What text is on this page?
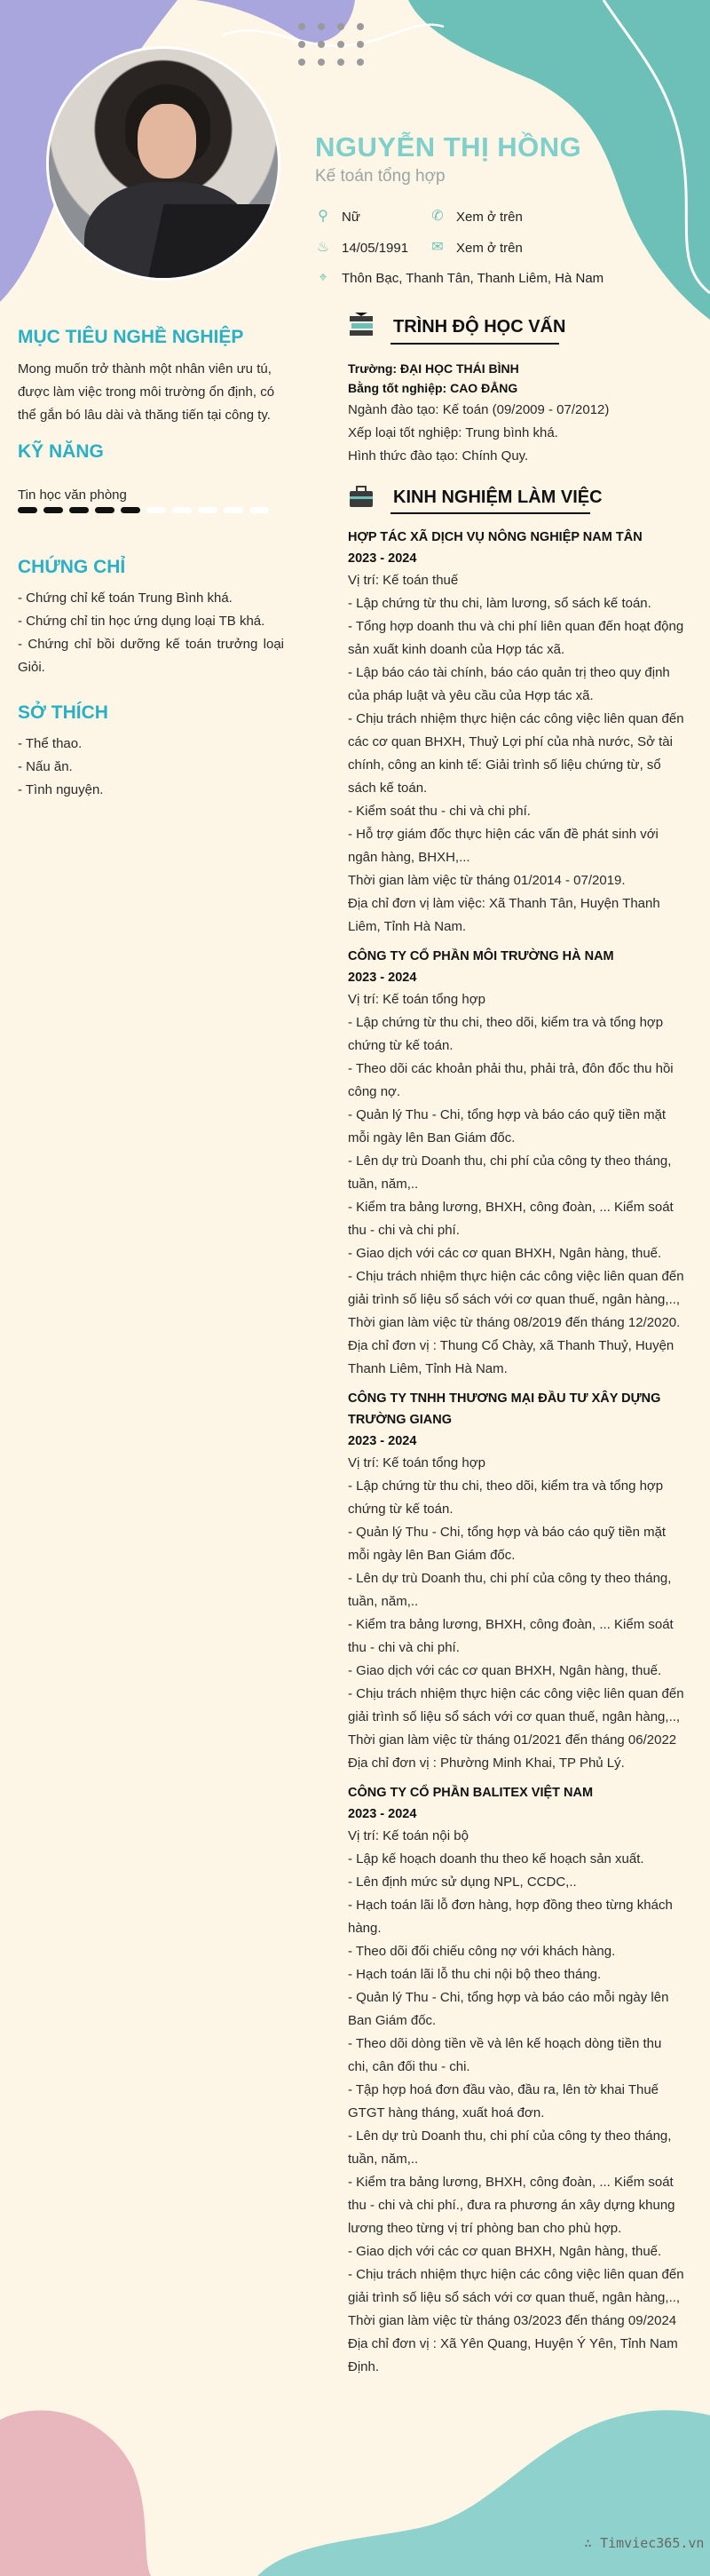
NGUYỄN THỊ HỒNG
Kế toán tổng hợp
⚲ Nữ	✆ Xem ở trên
♨ 14/05/1991 ✉ Xem ở trên
⌖	Thôn Bạc, Thanh Tân, Thanh Liêm, Hà Nam
MỤC TIÊU NGHỀ NGHIỆP
Mong muốn trở thành một nhân viên ưu tú, được làm việc trong môi trường ổn định, có thể gắn bó lâu dài và thăng tiến tại công ty.
KỸ NĂNG
Tin học văn phòng
CHỨNG CHỈ
- Chứng chỉ kế toán Trung Bình khá.
- Chứng chỉ tin học ứng dụng loại TB khá.
- Chứng chỉ bồi dưỡng kế toán trưởng loại Giỏi.
SỞ THÍCH
- Thể thao.
- Nấu ăn.
- Tình nguyện.
TRÌNH ĐỘ HỌC VẤN
Trường: ĐẠI HỌC THÁI BÌNH
Bằng tốt nghiệp: CAO ĐẲNG
Ngành đào tạo: Kế toán (09/2009 - 07/2012)
Xếp loại tốt nghiệp: Trung bình khá.
Hình thức đào tạo: Chính Quy.
KINH NGHIỆM LÀM VIỆC
HỢP TÁC XÃ DỊCH VỤ NÔNG NGHIỆP NAM TÂN
2023 - 2024

Vị trí: Kế toán thuế

- Lập chứng từ thu chi, làm lương, sổ sách kế toán.

- Tổng hợp doanh thu và chi phí liên quan đến hoạt động sản xuất kinh doanh của Hợp tác xã.

- Lập báo cáo tài chính, báo cáo quản trị theo quy định của pháp luật và yêu cầu của Hợp tác xã.

- Chịu trách nhiệm thực hiện các công việc liên quan đến các cơ quan BHXH, Thuỷ Lợi phí của nhà nước, Sở tài chính, công an kinh tế: Giải trình số liệu chứng từ, sổ sách kế toán.

- Kiểm soát thu - chi và chi phí.

- Hỗ trợ giám đốc thực hiện các vấn đề phát sinh với ngân hàng, BHXH,...

Thời gian làm việc từ tháng 01/2014 - 07/2019.

Địa chỉ đơn vị làm việc: Xã Thanh Tân, Huyện Thanh Liêm, Tỉnh Hà Nam.

CÔNG TY CỔ PHẦN MÔI TRƯỜNG HÀ NAM
2023 - 2024

Vị trí: Kế toán tổng hợp

- Lập chứng từ thu chi, theo dõi, kiểm tra và tổng hợp chứng từ kế toán.

- Theo dõi các khoản phải thu, phải trả, đôn đốc thu hồi công nợ.

- Quản lý Thu - Chi, tổng hợp và báo cáo quỹ tiền mặt mỗi ngày lên Ban Giám đốc.

- Lên dự trù Doanh thu, chi phí của công ty theo tháng, tuần, năm,..

- Kiểm tra bảng lương, BHXH, công đoàn, ... Kiểm soát thu - chi và chi phí.

- Giao dịch với các cơ quan BHXH, Ngân hàng, thuế.

- Chịu trách nhiệm thực hiện các công việc liên quan đến giải trình số liệu sổ sách với cơ quan thuế, ngân hàng,..,

Thời gian làm việc từ tháng 08/2019 đến tháng 12/2020.

Địa chỉ đơn vị : Thung Cổ Chày, xã Thanh Thuỷ, Huyện Thanh Liêm, Tỉnh Hà Nam.

CÔNG TY TNHH THƯƠNG MẠI ĐẦU TƯ XÂY DỰNG TRƯỜNG GIANG
2023 - 2024

Vị trí: Kế toán tổng hợp

- Lập chứng từ thu chi, theo dõi, kiểm tra và tổng hợp chứng từ kế toán.

- Quản lý Thu - Chi, tổng hợp và báo cáo quỹ tiền mặt mỗi ngày lên Ban Giám đốc.

- Lên dự trù Doanh thu, chi phí của công ty theo tháng, tuần, năm,..

- Kiểm tra bảng lương, BHXH, công đoàn, ... Kiểm soát thu - chi và chi phí.

- Giao dịch với các cơ quan BHXH, Ngân hàng, thuế.

- Chịu trách nhiệm thực hiện các công việc liên quan đến giải trình số liệu sổ sách với cơ quan thuế, ngân hàng,..,

Thời gian làm việc từ tháng 01/2021 đến tháng 06/2022

Địa chỉ đơn vị : Phường Minh Khai, TP Phủ Lý.

CÔNG TY CỔ PHẦN BALITEX VIỆT NAM
2023 - 2024

Vị trí: Kế toán nội bộ

- Lập kế hoạch doanh thu theo kế hoạch sản xuất.

- Lên định mức sử dụng NPL, CCDC,..

- Hạch toán lãi lỗ đơn hàng, hợp đồng theo từng khách hàng.

- Theo dõi đối chiếu công nợ với khách hàng.

- Hạch toán lãi lỗ thu chi nội bộ theo tháng.

- Quản lý Thu - Chi, tổng hợp và báo cáo mỗi ngày lên Ban Giám đốc.

- Theo dõi dòng tiền về và lên kế hoạch dòng tiền thu chi, cân đối thu - chi.

- Tập hợp hoá đơn đầu vào, đầu ra, lên tờ khai Thuế GTGT hàng tháng, xuất hoá đơn.

- Lên dự trù Doanh thu, chi phí của công ty theo tháng, tuần, năm,..

- Kiểm tra bảng lương, BHXH, công đoàn, ... Kiểm soát thu - chi và chi phí., đưa ra phương án xây dựng khung lương theo từng vị trí phòng ban cho phù hợp.

- Giao dịch với các cơ quan BHXH, Ngân hàng, thuế.

- Chịu trách nhiệm thực hiện các công việc liên quan đến giải trình số liệu sổ sách với cơ quan thuế, ngân hàng,..,

Thời gian làm việc từ tháng 03/2023 đến tháng 09/2024

Địa chỉ đơn vị : Xã Yên Quang, Huyện Ý Yên, Tỉnh Nam Định.

∴ Timviec365.vn
